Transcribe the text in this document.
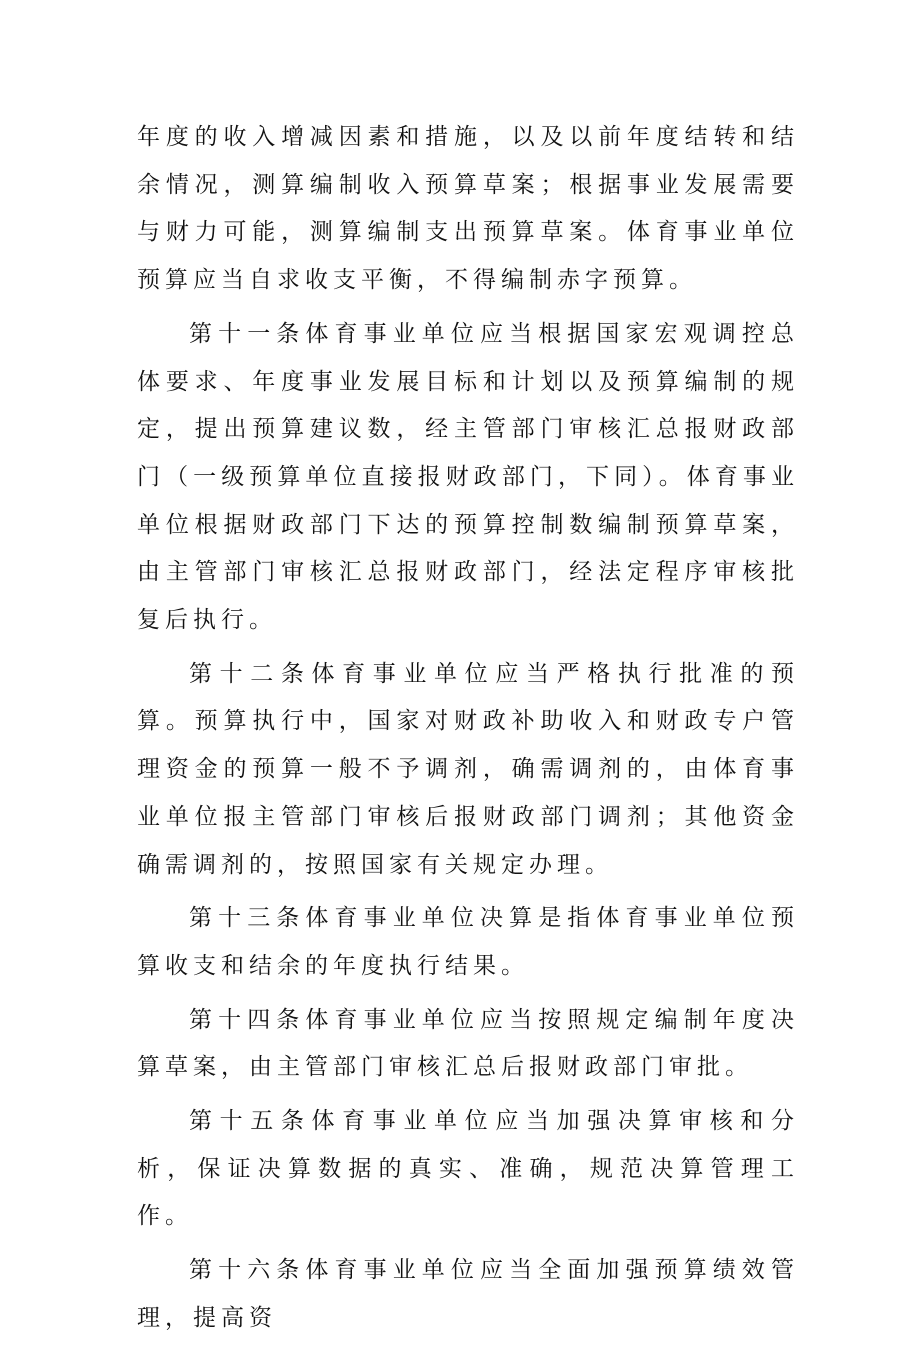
年度的收入增减因素和措施，以及以前年度结转和结余情况，测算编制收入预算草案；根据事业发展需要与财力可能，测算编制支出预算草案。体育事业单位预算应当自求收支平衡，不得编制赤字预算。

第十一条体育事业单位应当根据国家宏观调控总体要求、年度事业发展目标和计划以及预算编制的规定，提出预算建议数，经主管部门审核汇总报财政部门（一级预算单位直接报财政部门，下同）。体育事业单位根据财政部门下达的预算控制数编制预算草案，由主管部门审核汇总报财政部门，经法定程序审核批复后执行。

第十二条体育事业单位应当严格执行批准的预算。预算执行中，国家对财政补助收入和财政专户管理资金的预算一般不予调剂，确需调剂的，由体育事业单位报主管部门审核后报财政部门调剂；其他资金确需调剂的，按照国家有关规定办理。

第十三条体育事业单位决算是指体育事业单位预算收支和结余的年度执行结果。

第十四条体育事业单位应当按照规定编制年度决算草案，由主管部门审核汇总后报财政部门审批。

第十五条体育事业单位应当加强决算审核和分析，保证决算数据的真实、准确，规范决算管理工作。

第十六条体育事业单位应当全面加强预算绩效管理，提高资
